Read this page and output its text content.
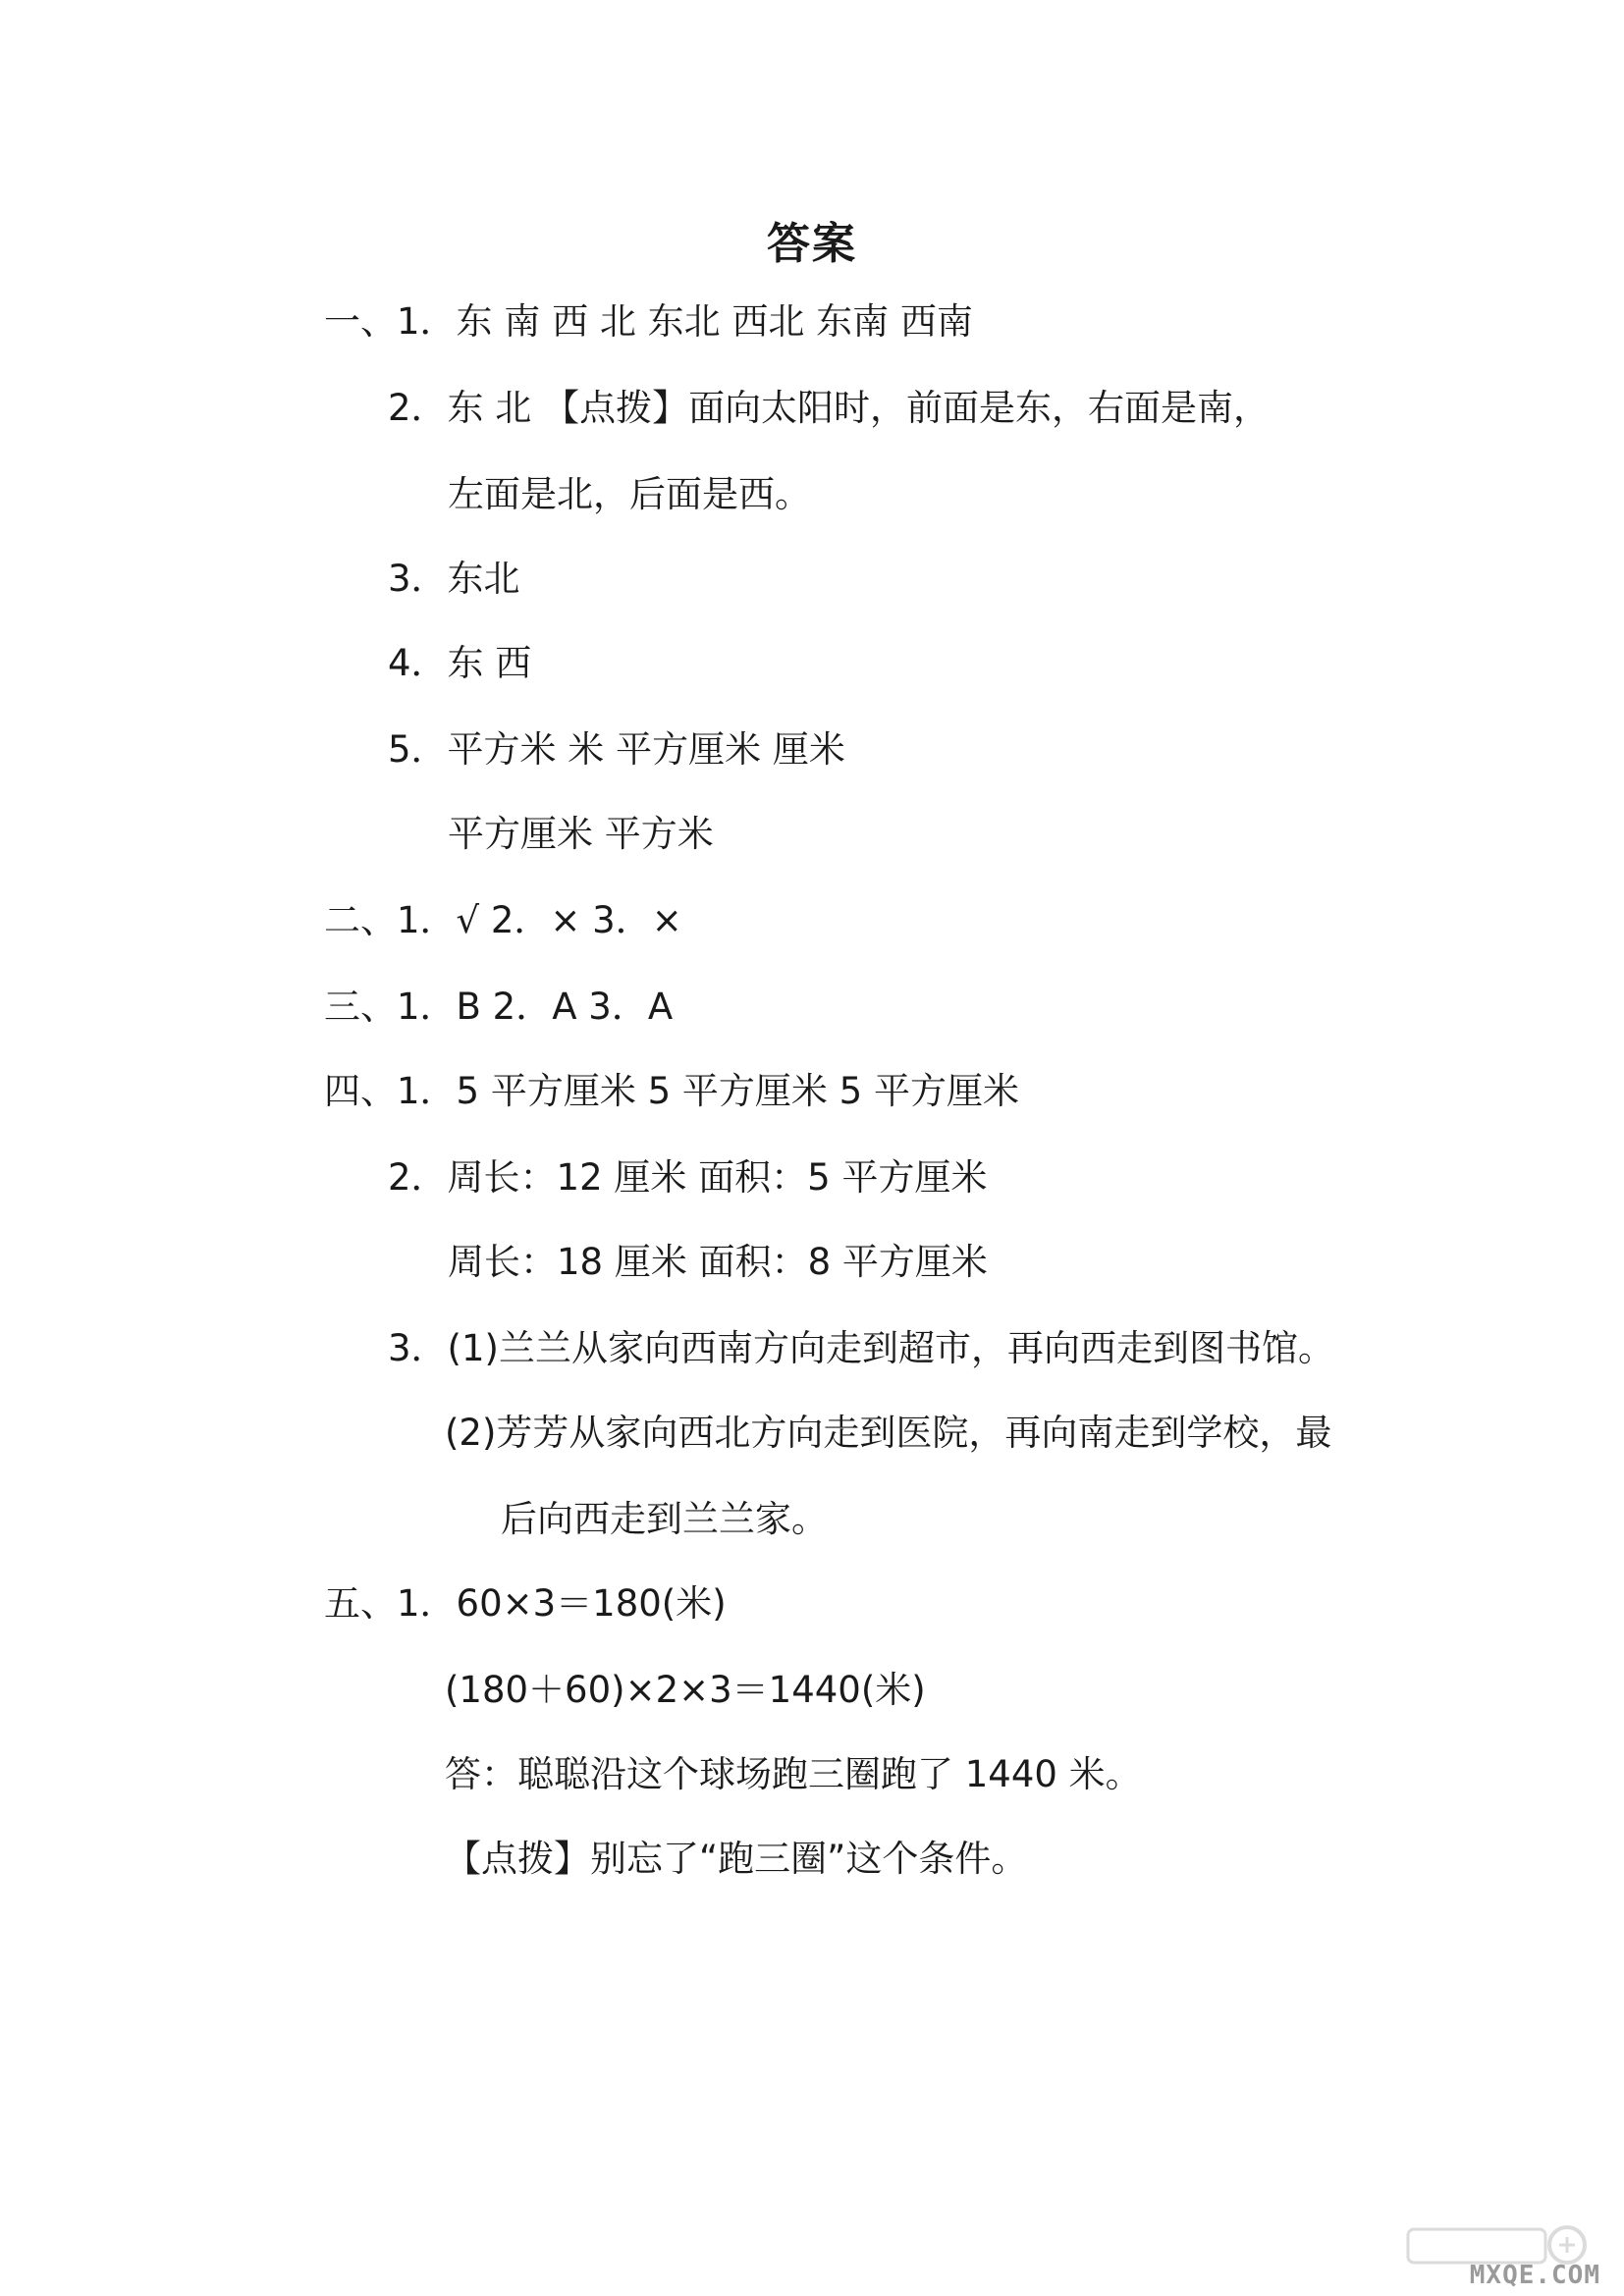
答案
一、1．东 南 西 北 东北 西北 东南 西南
2．东 北 【点拨】面向太阳时，前面是东，右面是南，
左面是北，后面是西。
3．东北
4．东 西
5．平方米 米 平方厘米 厘米
平方厘米 平方米
二、1．√ 2．× 3．×
三、1．B 2．A 3．A
四、1．5 平方厘米 5 平方厘米 5 平方厘米
2．周长：12 厘米 面积：5 平方厘米
周长：18 厘米 面积：8 平方厘米
3．(1)兰兰从家向西南方向走到超市，再向西走到图书馆。
(2)芳芳从家向西北方向走到医院，再向南走到学校，最
后向西走到兰兰家。
五、1．60×3＝180(米)
(180＋60)×2×3＝1440(米)
答：聪聪沿这个球场跑三圈跑了 1440 米。
【点拨】别忘了“跑三圈”这个条件。
MXQE.COM
